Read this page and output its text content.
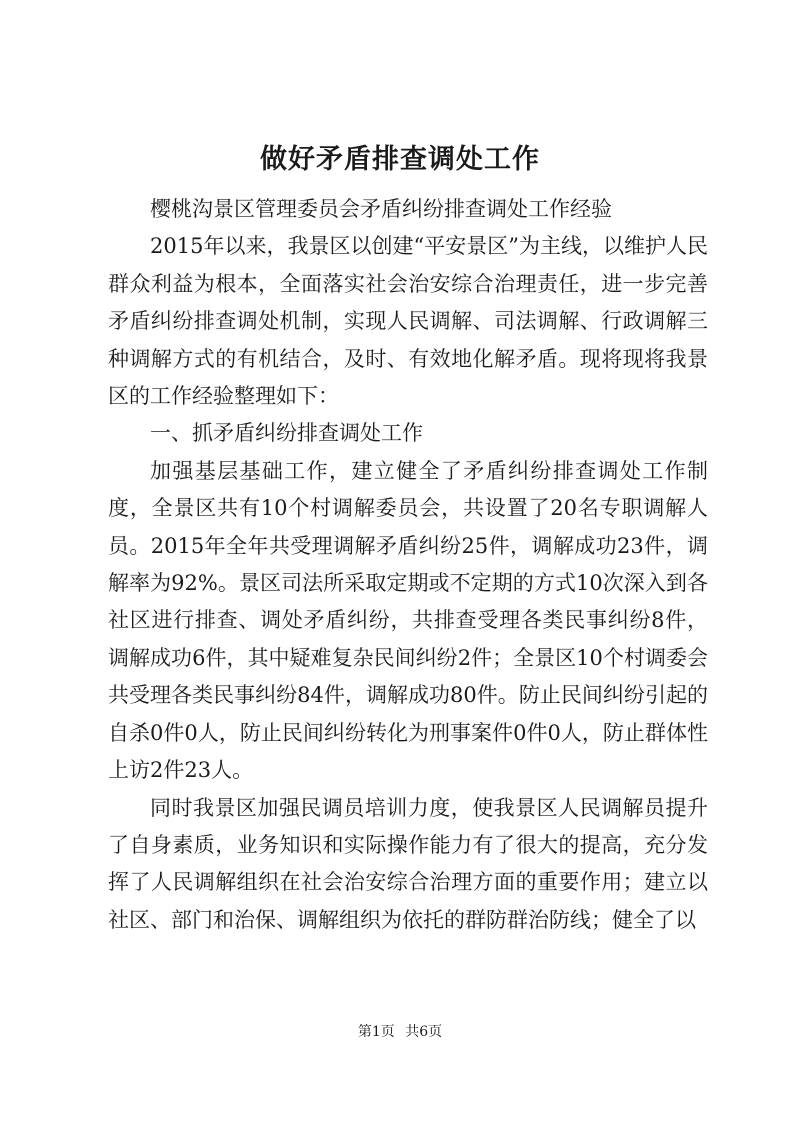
做好矛盾排查调处工作

樱桃沟景区管理委员会矛盾纠纷排查调处工作经验

2015年以来，我景区以创建“平安景区”为主线，以维护人民群众利益为根本，全面落实社会治安综合治理责任，进一步完善矛盾纠纷排查调处机制，实现人民调解、司法调解、行政调解三种调解方式的有机结合，及时、有效地化解矛盾。现将现将我景区的工作经验整理如下：

一、抓矛盾纠纷排查调处工作

加强基层基础工作，建立健全了矛盾纠纷排查调处工作制度，全景区共有10个村调解委员会，共设置了20名专职调解人员。2015年全年共受理调解矛盾纠纷25件，调解成功23件，调解率为92%。景区司法所采取定期或不定期的方式10次深入到各社区进行排查、调处矛盾纠纷，共排查受理各类民事纠纷8件，调解成功6件，其中疑难复杂民间纠纷2件；全景区10个村调委会共受理各类民事纠纷84件，调解成功80件。防止民间纠纷引起的自杀0件0人，防止民间纠纷转化为刑事案件0件0人，防止群体性上访2件23人。

同时我景区加强民调员培训力度，使我景区人民调解员提升了自身素质，业务知识和实际操作能力有了很大的提高，充分发挥了人民调解组织在社会治安综合治理方面的重要作用；建立以社区、部门和治保、调解组织为依托的群防群治防线；健全了以

第1页 共6页
